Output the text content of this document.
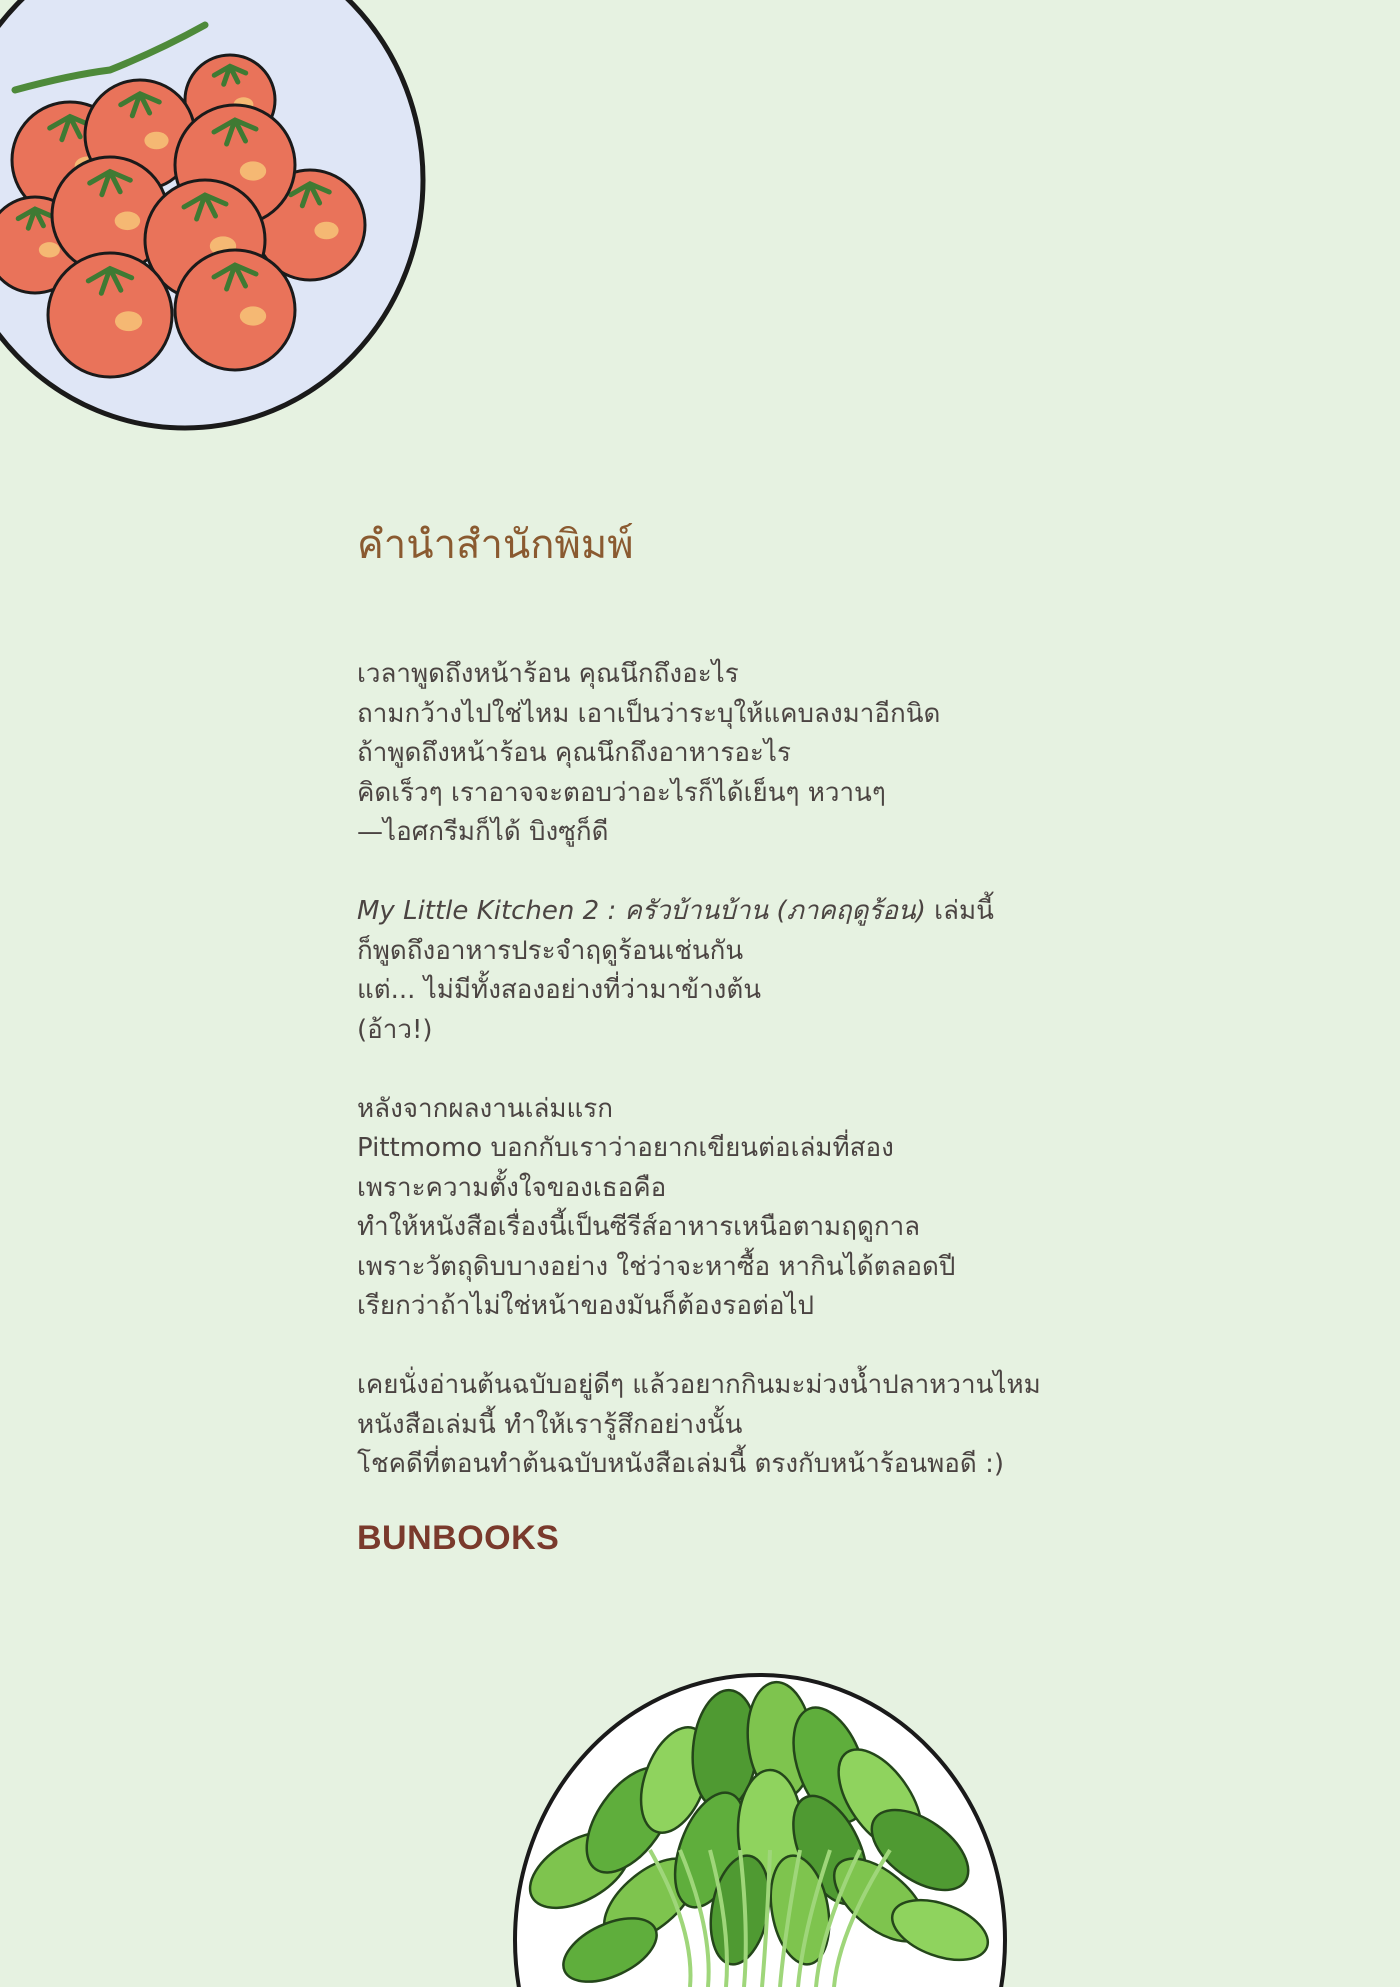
คำนำสำนักพิมพ์

เวลาพูดถึงหน้าร้อน คุณนึกถึงอะไร
ถามกว้างไปใช่ไหม เอาเป็นว่าระบุให้แคบลงมาอีกนิด
ถ้าพูดถึงหน้าร้อน คุณนึกถึงอาหารอะไร
คิดเร็วๆ เราอาจจะตอบว่าอะไรก็ได้เย็นๆ หวานๆ
—ไอศกรีมก็ได้ บิงซูก็ดี

My Little Kitchen 2 : ครัวบ้านบ้าน (ภาคฤดูร้อน) เล่มนี้
ก็พูดถึงอาหารประจำฤดูร้อนเช่นกัน
แต่... ไม่มีทั้งสองอย่างที่ว่ามาข้างต้น
(อ้าว!)

หลังจากผลงานเล่มแรก
Pittmomo บอกกับเราว่าอยากเขียนต่อเล่มที่สอง
เพราะความตั้งใจของเธอคือ
ทำให้หนังสือเรื่องนี้เป็นซีรีส์อาหารเหนือตามฤดูกาล
เพราะวัตถุดิบบางอย่าง ใช่ว่าจะหาซื้อ หากินได้ตลอดปี
เรียกว่าถ้าไม่ใช่หน้าของมันก็ต้องรอต่อไป

เคยนั่งอ่านต้นฉบับอยู่ดีๆ แล้วอยากกินมะม่วงน้ำปลาหวานไหม
หนังสือเล่มนี้ ทำให้เรารู้สึกอย่างนั้น
โชคดีที่ตอนทำต้นฉบับหนังสือเล่มนี้ ตรงกับหน้าร้อนพอดี :)

BUNBOOKS
